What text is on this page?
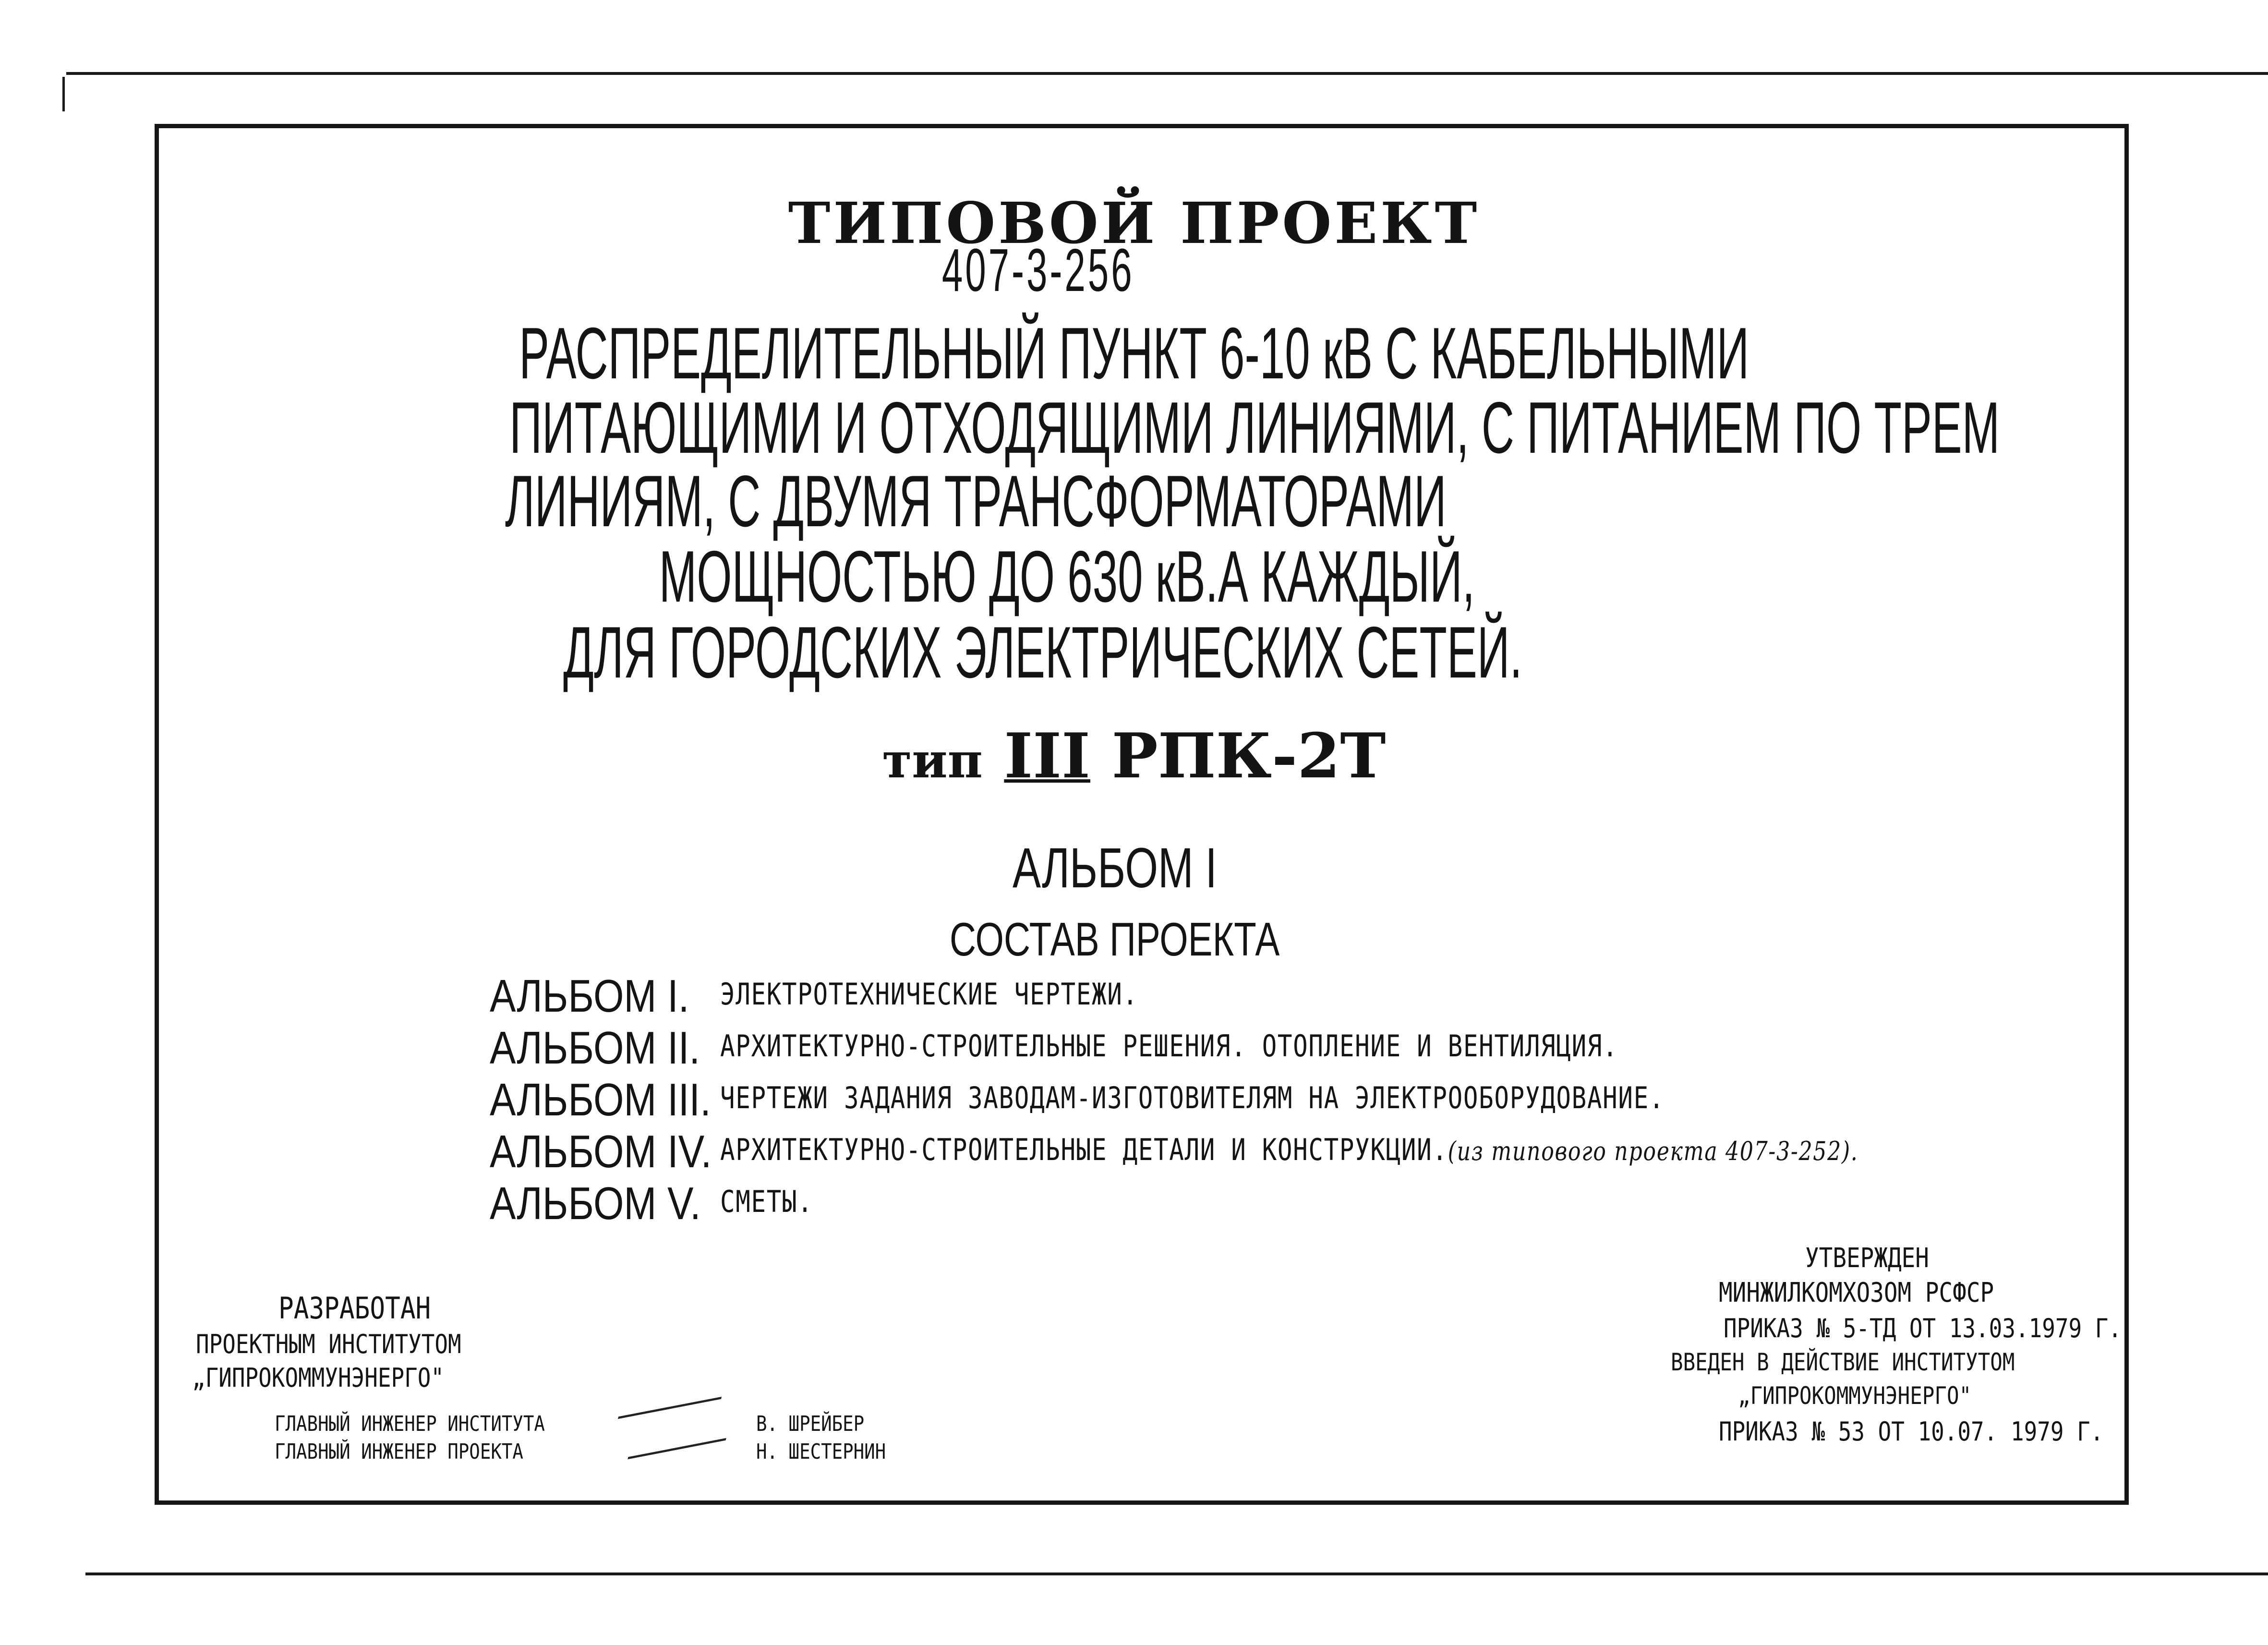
ТИПОВОЙ ПРОЕКТ
407-3-256
РАСПРЕДЕЛИТЕЛЬНЫЙ ПУНКТ 6-10 кВ С КАБЕЛЬНЫМИ
ПИТАЮЩИМИ И ОТХОДЯЩИМИ ЛИНИЯМИ, С ПИТАНИЕМ ПО ТРЕМ
ЛИНИЯМ, С ДВУМЯ ТРАНСФОРМАТОРАМИ
МОЩНОСТЬЮ ДО 630 кВ.А КАЖДЫЙ,
ДЛЯ ГОРОДСКИХ ЭЛЕКТРИЧЕСКИХ СЕТЕЙ.
тип III РПК-2Т
АЛЬБОМ I
СОСТАВ ПРОЕКТА
АЛЬБОМ I. ЭЛЕКТРОТЕХНИЧЕСКИЕ ЧЕРТЕЖИ.
АЛЬБОМ II. АРХИТЕКТУРНО-СТРОИТЕЛЬНЫЕ РЕШЕНИЯ. ОТОПЛЕНИЕ И ВЕНТИЛЯЦИЯ.
АЛЬБОМ III. ЧЕРТЕЖИ ЗАДАНИЯ ЗАВОДАМ-ИЗГОТОВИТЕЛЯМ НА ЭЛЕКТРООБОРУДОВАНИЕ.
АЛЬБОМ IV. АРХИТЕКТУРНО-СТРОИТЕЛЬНЫЕ ДЕТАЛИ И КОНСТРУКЦИИ.(из типового проекта 407-3-252).
АЛЬБОМ V. СМЕТЫ.
РАЗРАБОТАН
ПРОЕКТНЫМ ИНСТИТУТОМ
„ГИПРОКОММУНЭНЕРГО"
ГЛАВНЫЙ ИНЖЕНЕР ИНСТИТУТА	В. ШРЕЙБЕР
ГЛАВНЫЙ ИНЖЕНЕР ПРОЕКТА	Н. ШЕСТЕРНИН
УТВЕРЖДЕН
МИНЖИЛКОМХОЗОМ РСФСР
ПРИКАЗ № 5-ТД ОТ 13.03.1979 Г.
ВВЕДЕН В ДЕЙСТВИЕ ИНСТИТУТОМ
„ГИПРОКОММУНЭНЕРГО"
ПРИКАЗ № 53 ОТ 10.07. 1979 Г.
